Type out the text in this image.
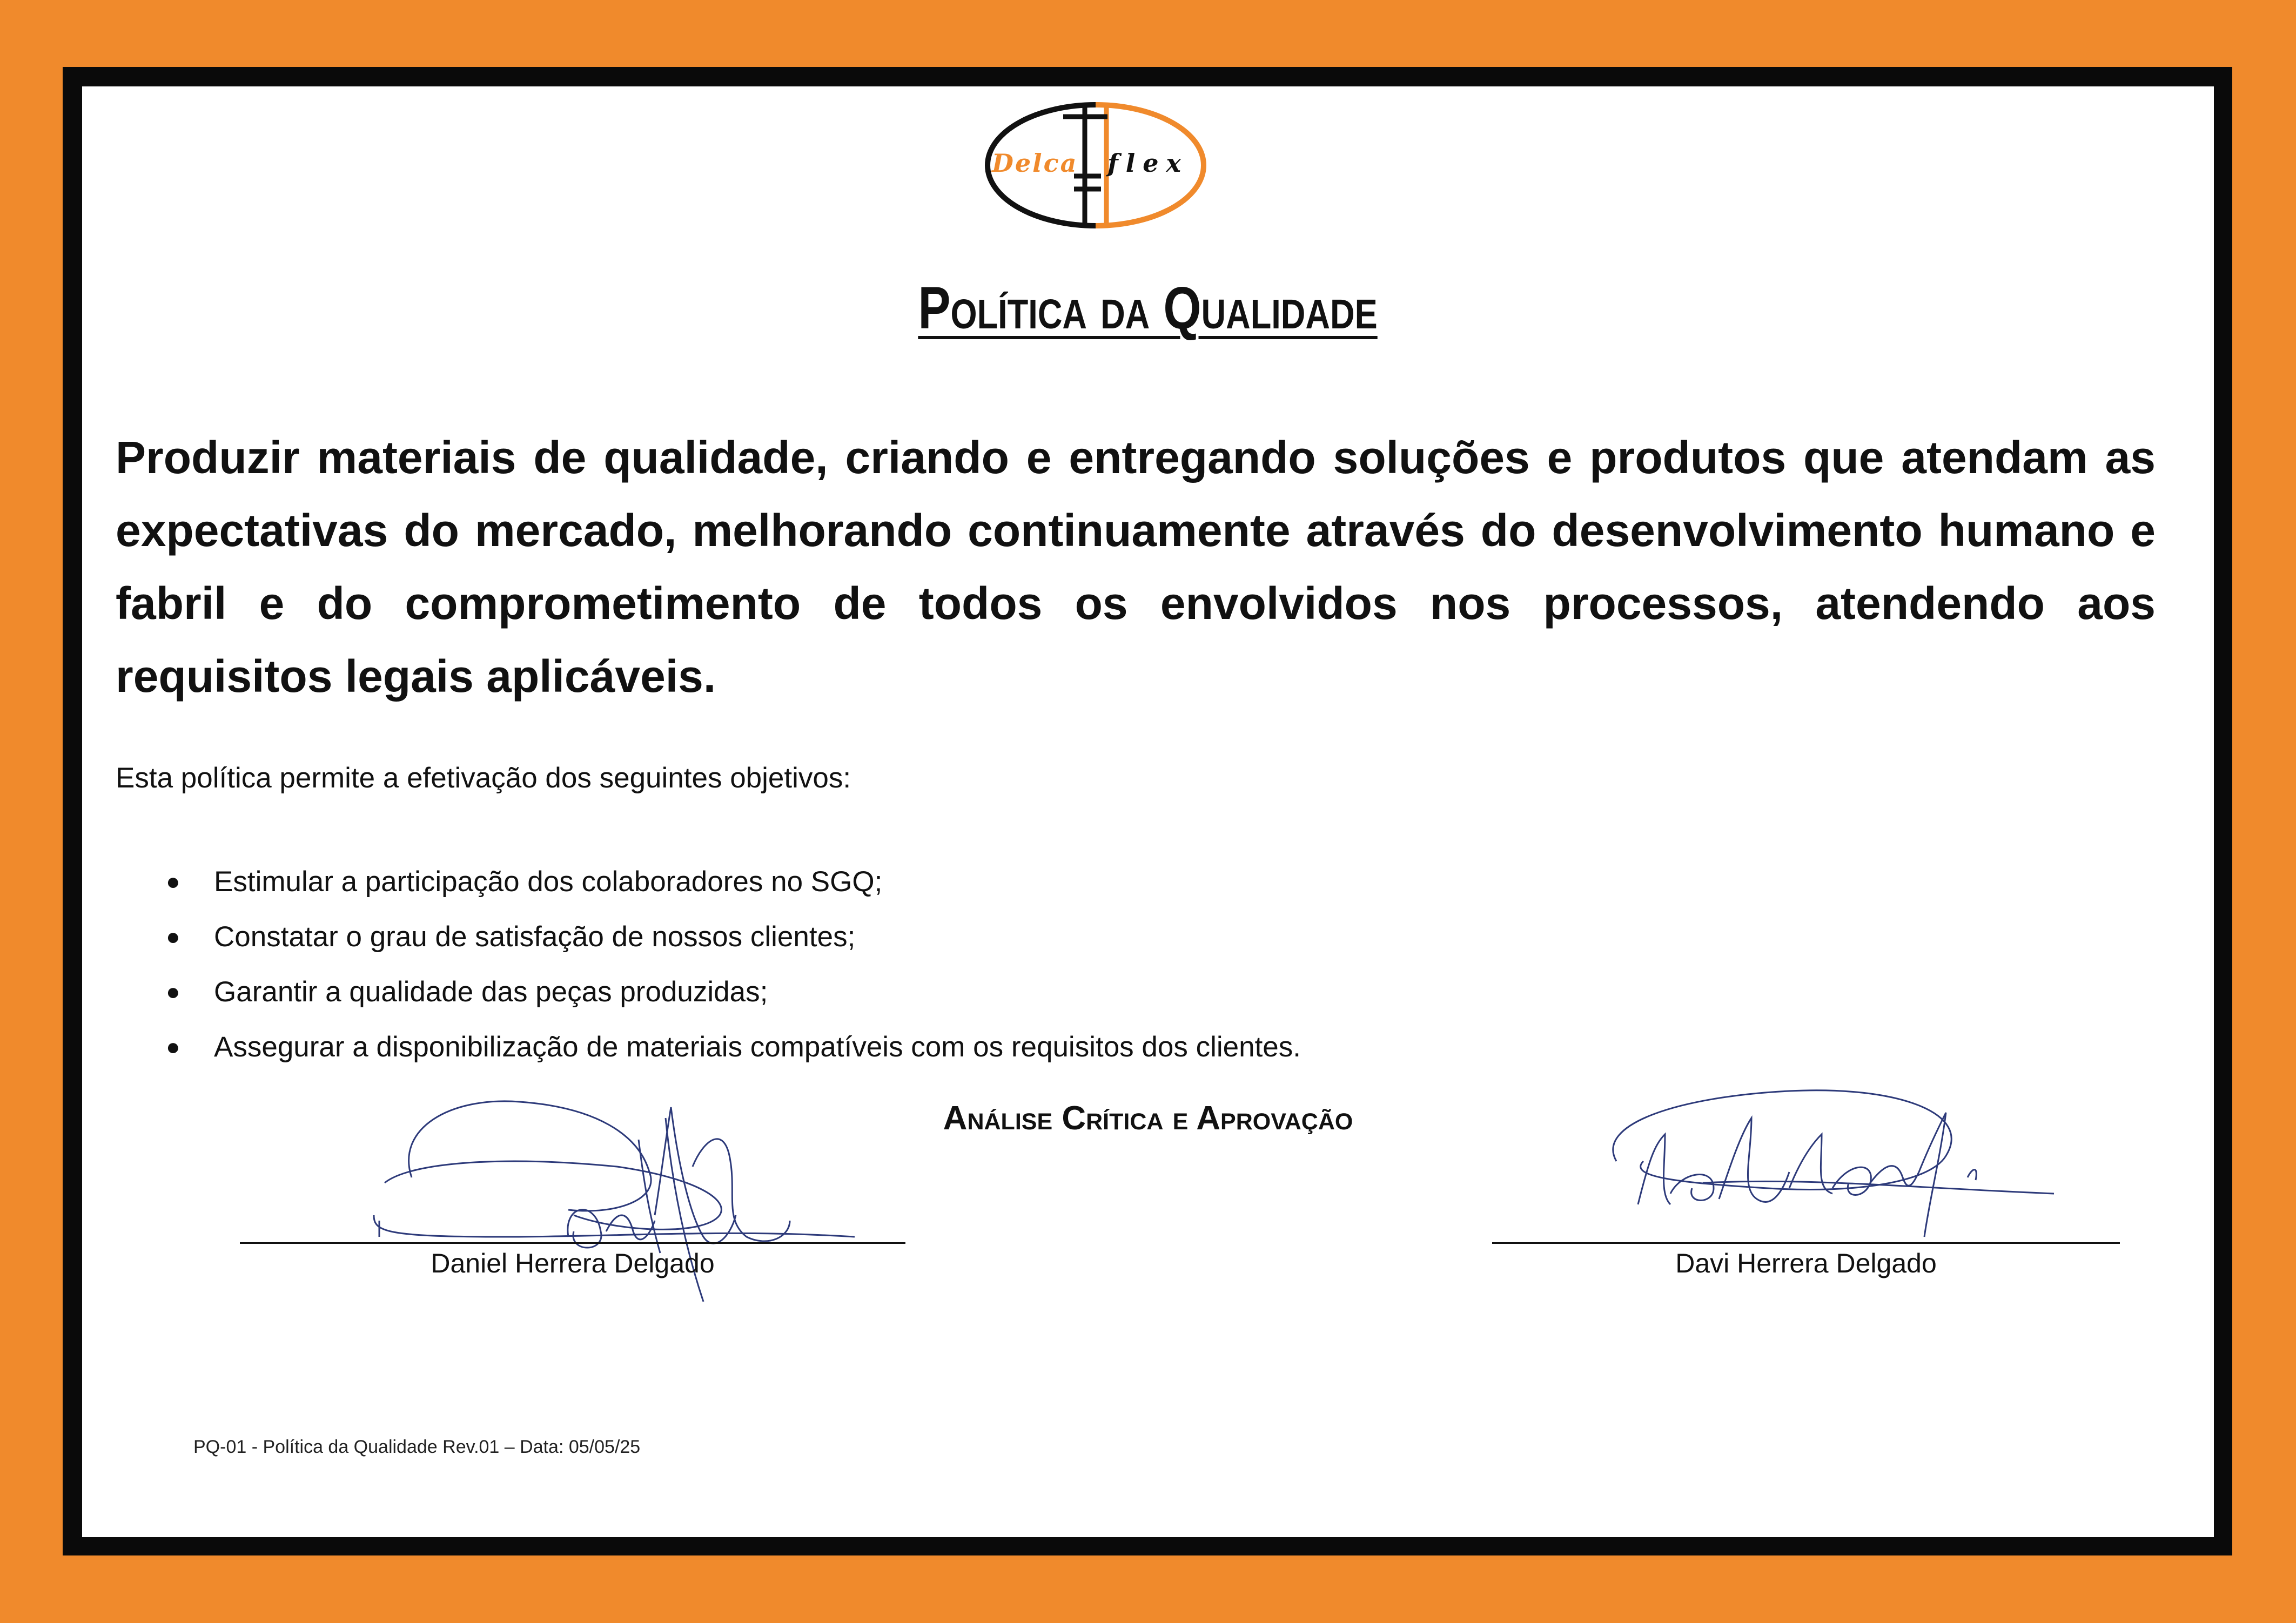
Delca flex
Política da Qualidade

Produzir materiais de qualidade, criando e entregando soluções e produtos que atendam as expectativas do mercado, melhorando continuamente através do desenvolvimento humano e fabril e do comprometimento de todos os envolvidos nos processos, atendendo aos requisitos legais aplicáveis.

Esta política permite a efetivação dos seguintes objetivos:

● Estimular a participação dos colaboradores no SGQ;
● Constatar o grau de satisfação de nossos clientes;
● Garantir a qualidade das peças produzidas;
● Assegurar a disponibilização de materiais compatíveis com os requisitos dos clientes.
Análise Crítica e Aprovação
Daniel Herrera Delgado	Davi Herrera Delgado
PQ-01 - Política da Qualidade Rev.01 – Data: 05/05/25
